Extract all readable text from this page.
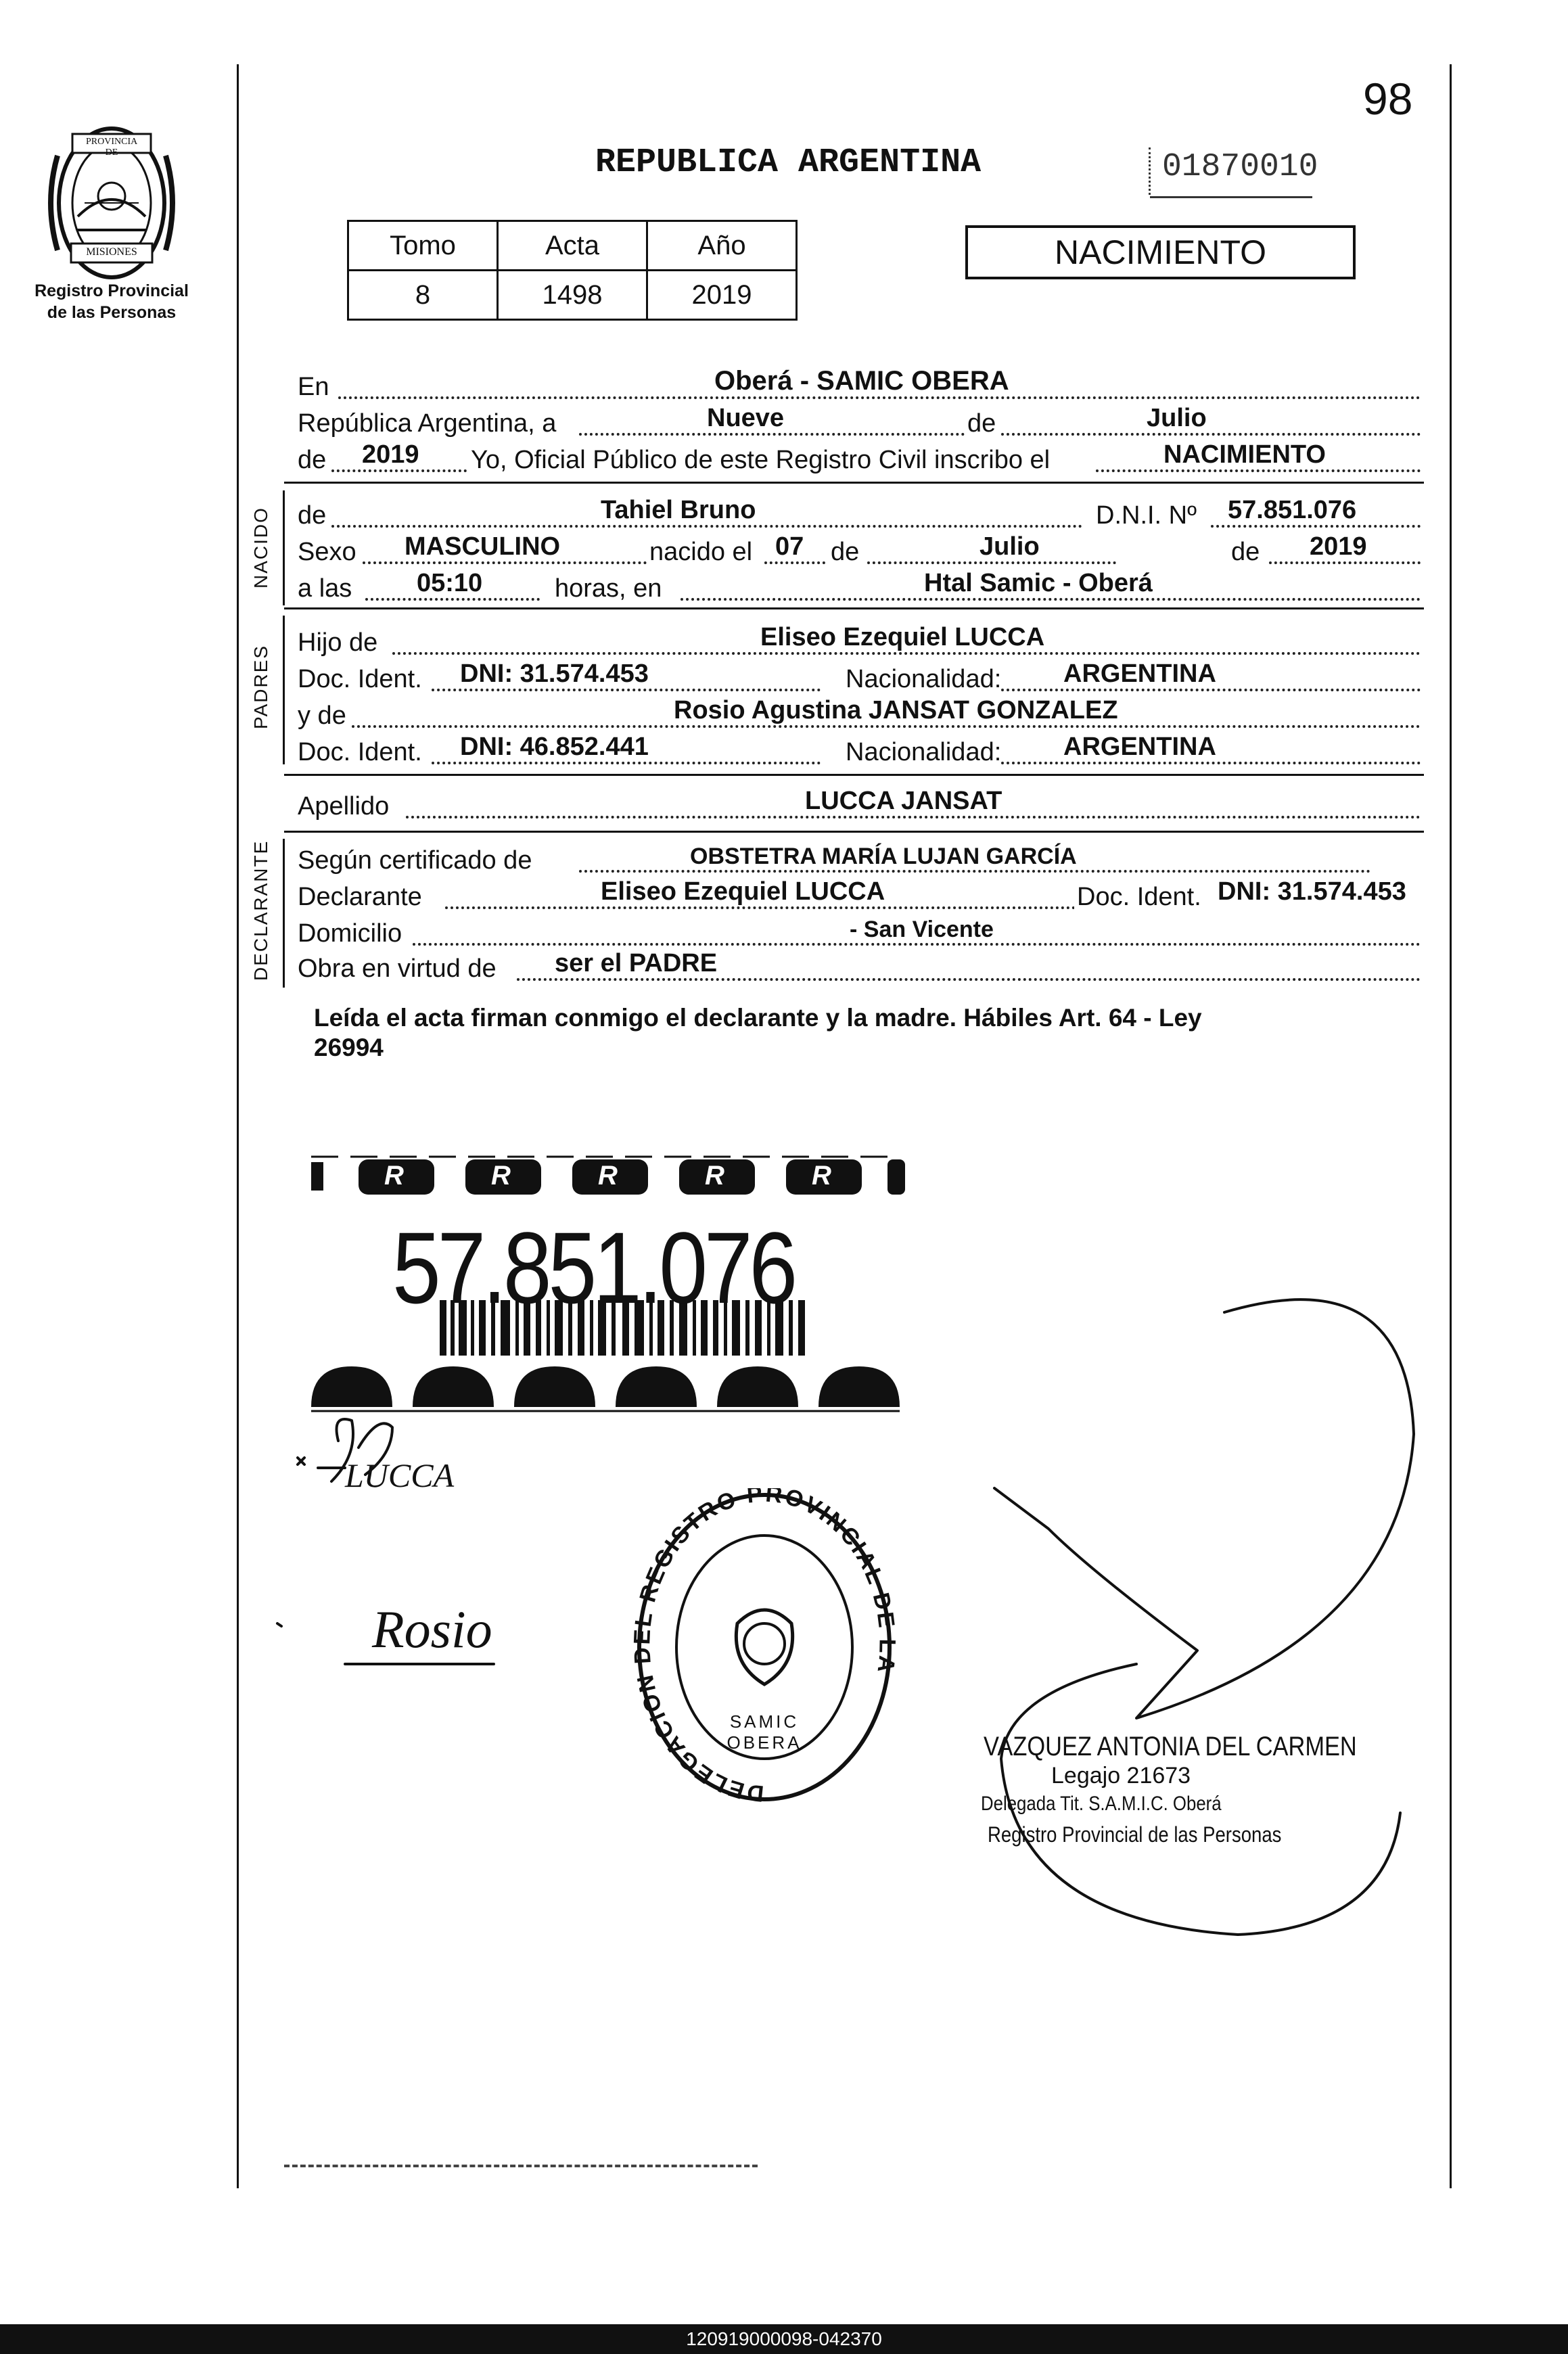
PROVINCIA DE
MISIONES
Registro Provincial
de las Personas
98
REPUBLICA ARGENTINA	01870010
Tomo	Acta	Año
8	1498	2019
NACIMIENTO
En	Oberá - SAMIC OBERA
República Argentina, a	Nueve	de	Julio
de 2019 Yo, Oficial Público de este Registro Civil inscribo el	NACIMIENTO
NACIDO de	Tahiel Bruno	D.N.I. Nº 57.851.076
Sexo MASCULINO	nacido el 07 de	Julio	de 2019
a las	05:10	horas, en	Htal Samic - Oberá
PADRES
Hijo de	Eliseo Ezequiel LUCCA
Doc. Ident. DNI: 31.574.453	Nacionalidad: ARGENTINA
y de	Rosio Agustina JANSAT GONZALEZ
Doc. Ident. DNI: 46.852.441	Nacionalidad: ARGENTINA
Apellido	LUCCA JANSAT
DECLARANTE Según certificado de	OBSTETRA MARÍA LUJAN GARCÍA
Declarante	Eliseo Ezequiel LUCCA	Doc. Ident. DNI: 31.574.453
Domicilio	- San Vicente
Obra en virtud de ser el PADRE
Leída el acta firman conmigo el declarante y la madre. Hábiles Art. 64 - Ley
26994
R	R	R	R	R
57.851.076
LUCCA
Rosio
DELEGACION DEL REGISTRO PROVINCIAL DE LA
SAMIC OBERA	VAZQUEZ ANTONIA DEL CARMEN
Legajo 21673
Delegada Tit. S.A.M.I.C. Oberá
Registro Provincial de las Personas
120919000098-042370
